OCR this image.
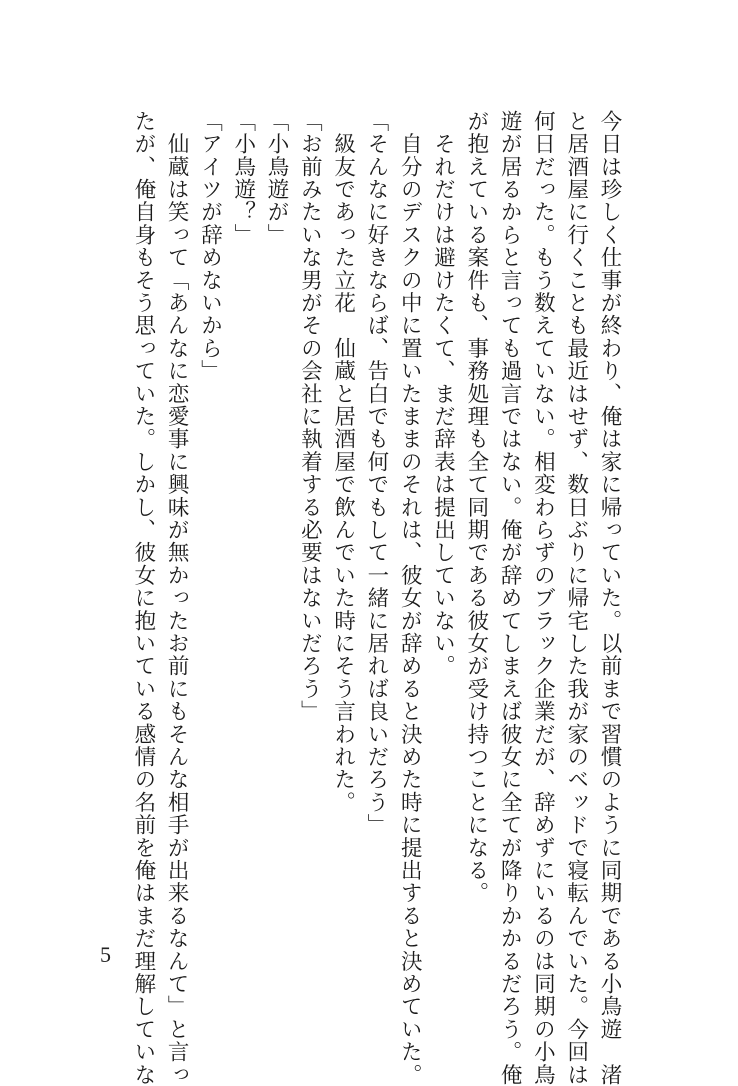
今日は珍しく仕事が終わり、俺は家に帰っていた。以前まで習慣のように同期である小鳥遊　渚
と居酒屋に行くことも最近はせず、数日ぶりに帰宅した我が家のベッドで寝転んでいた。今回は
何日だった。もう数えていない。相変わらずのブラック企業だが、辞めずにいるのは同期の小鳥
遊が居るからと言っても過言ではない。俺が辞めてしまえば彼女に全てが降りかかるだろう。俺
が抱えている案件も、事務処理も全て同期である彼女が受け持つことになる。
　それだけは避けたくて、まだ辞表は提出していない。
　自分のデスクの中に置いたままのそれは、彼女が辞めると決めた時に提出すると決めていた。
「そんなに好きならば、告白でも何でもして一緒に居れば良いだろう」
　級友であった立花　仙蔵と居酒屋で飲んでいた時にそう言われた。
「お前みたいな男がその会社に執着する必要はないだろう」
「小鳥遊が」
「小鳥遊？」
「アイツが辞めないから」
　仙蔵は笑って「あんなに恋愛事に興味が無かったお前にもそんな相手が出来るなんて」と言っ
たが、俺自身もそう思っていた。しかし、彼女に抱いている感情の名前を俺はまだ理解していな
5
